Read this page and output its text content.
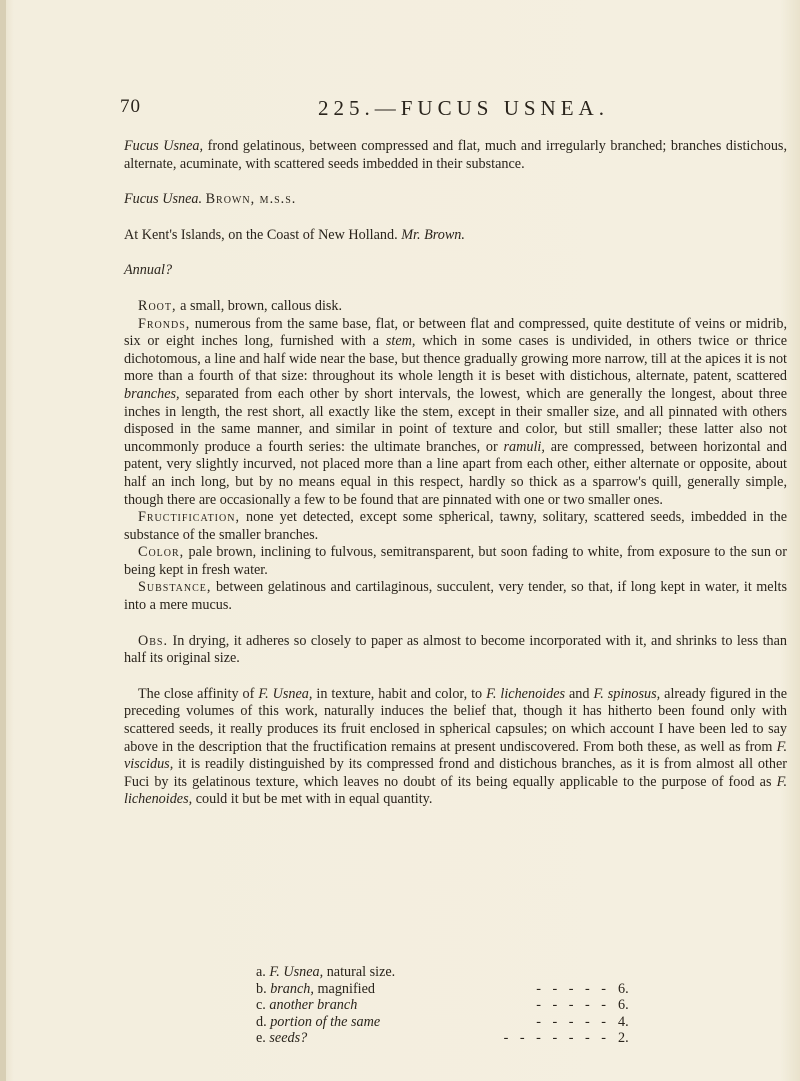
70	225.—FUCUS USNEA.

Fucus Usnea, frond gelatinous, between compressed and flat, much and irregularly branched; branches distichous, alternate, acuminate, with scattered seeds imbedded in their substance.

Fucus Usnea. Brown, m.s.s.

At Kent's Islands, on the Coast of New Holland. Mr. Brown.

Annual?

Root, a small, brown, callous disk.

Fronds, numerous from the same base, flat, or between flat and compressed, quite destitute of veins or midrib, six or eight inches long, furnished with a stem, which in some cases is undivided, in others twice or thrice dichotomous, a line and half wide near the base, but thence gradually growing more narrow, till at the apices it is not more than a fourth of that size: throughout its whole length it is beset with distichous, alternate, patent, scattered branches, separated from each other by short intervals, the lowest, which are generally the longest, about three inches in length, the rest short, all exactly like the stem, except in their smaller size, and all pinnated with others disposed in the same manner, and similar in point of texture and color, but still smaller; these latter also not uncommonly produce a fourth series: the ultimate branches, or ramuli, are compressed, between horizontal and patent, very slightly incurved, not placed more than a line apart from each other, either alternate or opposite, about half an inch long, but by no means equal in this respect, hardly so thick as a sparrow's quill, generally simple, though there are occasionally a few to be found that are pinnated with one or two smaller ones.

Fructification, none yet detected, except some spherical, tawny, solitary, scattered seeds, imbedded in the substance of the smaller branches.

Color, pale brown, inclining to fulvous, semitransparent, but soon fading to white, from exposure to the sun or being kept in fresh water.

Substance, between gelatinous and cartilaginous, succulent, very tender, so that, if long kept in water, it melts into a mere mucus.

Obs. In drying, it adheres so closely to paper as almost to become incorporated with it, and shrinks to less than half its original size.

The close affinity of F. Usnea, in texture, habit and color, to F. lichenoides and F. spinosus, already figured in the preceding volumes of this work, naturally induces the belief that, though it has hitherto been found only with scattered seeds, it really produces its fruit enclosed in spherical capsules; on which account I have been led to say above in the description that the fructification remains at present undiscovered. From both these, as well as from F. viscidus, it is readily distinguished by its compressed frond and distichous branches, as it is from almost all other Fuci by its gelatinous texture, which leaves no doubt of its being equally applicable to the purpose of food as F. lichenoides, could it but be met with in equal quantity.

a. F. Usnea, natural size.
b. branch, magnified	- - - - - 6.
c. another branch	- - - - - 6.
d. portion of the same	- - - - - 4.
e. seeds?	- - - - - - - 2.
